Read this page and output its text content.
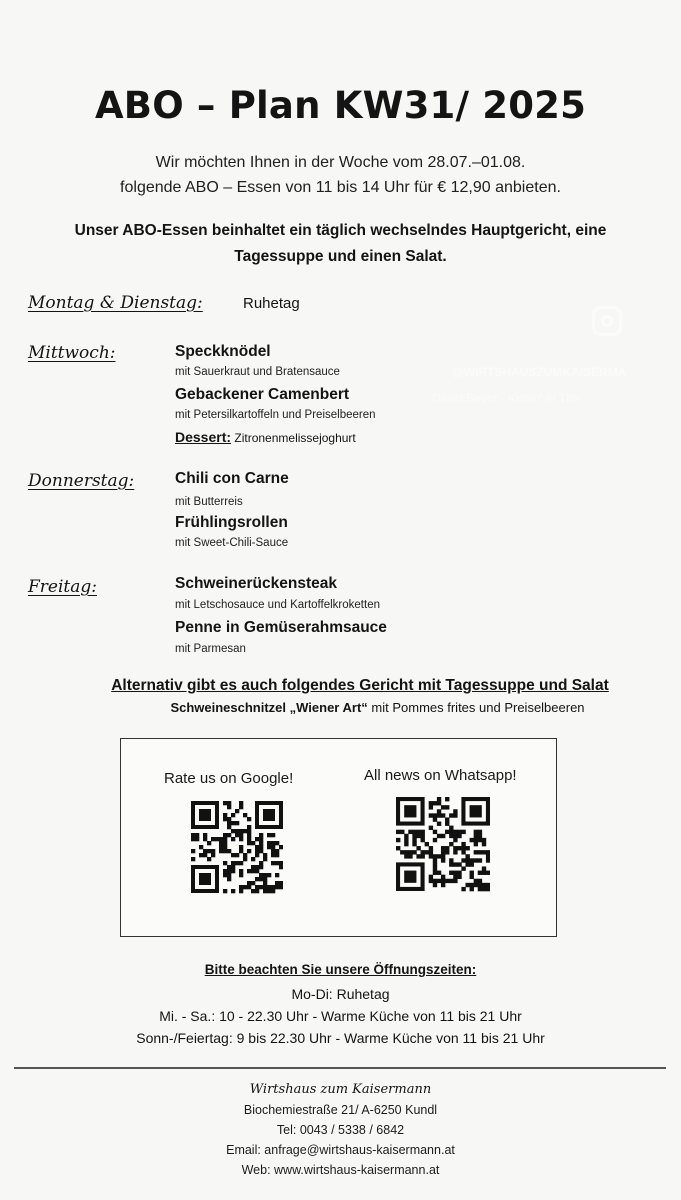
ABO – Plan KW31/ 2025
Wir möchten Ihnen in der Woche vom 28.07.–01.08.
folgende ABO – Essen von 11 bis 14 Uhr für € 12,90 anbieten.
Unser ABO-Essen beinhaltet ein täglich wechselndes Hauptgericht, eine
Tagessuppe und einen Salat.
Montag & Dienstag:	Ruhetag
Mittwoch:	Speckknödel
mit Sauerkraut und Bratensauce
Gebackener Camenbert
mit Petersilkartoffeln und Preiselbeeren
Dessert: Zitronenmelissejoghurt
Donnerstag:	Chili con Carne
mit Butterreis
Frühlingsrollen
mit Sweet-Chili-Sauce
Freitag:	Schweinerückensteak
mit Letschosauce und Kartoffelkroketten
Penne in Gemüserahmsauce
mit Parmesan
Alternativ gibt es auch folgendes Gericht mit Tagessuppe und Salat
Schweineschnitzel „Wiener Art“ mit Pommes frites und Preiselbeeren
Rate us on Google!	All news on Whatsapp!
Bitte beachten Sie unsere Öffnungszeiten:
Mo-Di: Ruhetag
Mi. - Sa.: 10 - 22.30 Uhr - Warme Küche von 11 bis 21 Uhr
Sonn-/Feiertag: 9 bis 22.30 Uhr - Warme Küche von 11 bis 21 Uhr
Wirtshaus zum Kaisermann
Biochemiestraße 21/ A-6250 Kundl
Tel: 0043 / 5338 / 6842
Email: anfrage@wirtshaus-kaisermann.at
Web: www.wirtshaus-kaisermann.at
@WIRTSHAUSZUMKAISERMA
Dawn Beyer · Kissin' In The
